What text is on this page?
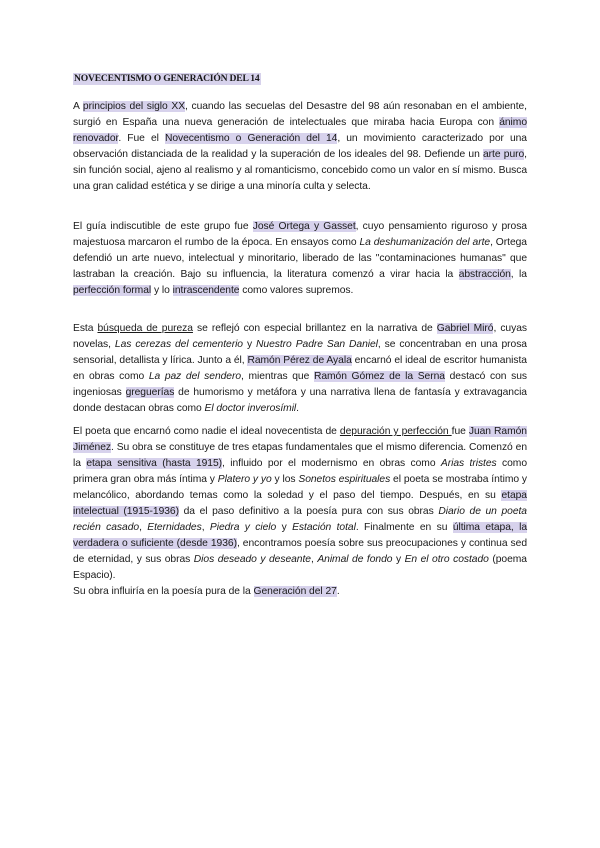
NOVECENTISMO O GENERACIÓN DEL 14

A principios del siglo XX, cuando las secuelas del Desastre del 98 aún resonaban en el ambiente, surgió en España una nueva generación de intelectuales que miraba hacia Europa con ánimo renovador. Fue el Novecentismo o Generación del 14, un movimiento caracterizado por una observación distanciada de la realidad y la superación de los ideales del 98. Defiende un arte puro, sin función social, ajeno al realismo y al romanticismo, concebido como un valor en sí mismo. Busca una gran calidad estética y se dirige a una minoría culta y selecta.

El guía indiscutible de este grupo fue José Ortega y Gasset, cuyo pensamiento riguroso y prosa majestuosa marcaron el rumbo de la época. En ensayos como La deshumanización del arte, Ortega defendió un arte nuevo, intelectual y minoritario, liberado de las "contaminaciones humanas" que lastraban la creación. Bajo su influencia, la literatura comenzó a virar hacia la abstracción, la perfección formal y lo intrascendente como valores supremos.

Esta búsqueda de pureza se reflejó con especial brillantez en la narrativa de Gabriel Miró, cuyas novelas, Las cerezas del cementerio y Nuestro Padre San Daniel, se concentraban en una prosa sensorial, detallista y lírica. Junto a él, Ramón Pérez de Ayala encarnó el ideal de escritor humanista en obras como La paz del sendero, mientras que Ramón Gómez de la Serna destacó con sus ingeniosas greguerías de humorismo y metáfora y una narrativa llena de fantasía y extravagancia donde destacan obras como El doctor inverosímil.

El poeta que encarnó como nadie el ideal novecentista de depuración y perfección fue Juan Ramón Jiménez. Su obra se constituye de tres etapas fundamentales que el mismo diferencia. Comenzó en la etapa sensitiva (hasta 1915), influido por el modernismo en obras como Arias tristes como primera gran obra más íntima y Platero y yo y los Sonetos espirituales el poeta se mostraba íntimo y melancólico, abordando temas como la soledad y el paso del tiempo. Después, en su etapa intelectual (1915-1936) da el paso definitivo a la poesía pura con sus obras Diario de un poeta recién casado, Eternidades, Piedra y cielo y Estación total. Finalmente en su última etapa, la verdadera o suficiente (desde 1936), encontramos poesía sobre sus preocupaciones y continua sed de eternidad, y sus obras Dios deseado y deseante, Animal de fondo y En el otro costado (poema Espacio).
Su obra influiría en la poesía pura de la Generación del 27.
